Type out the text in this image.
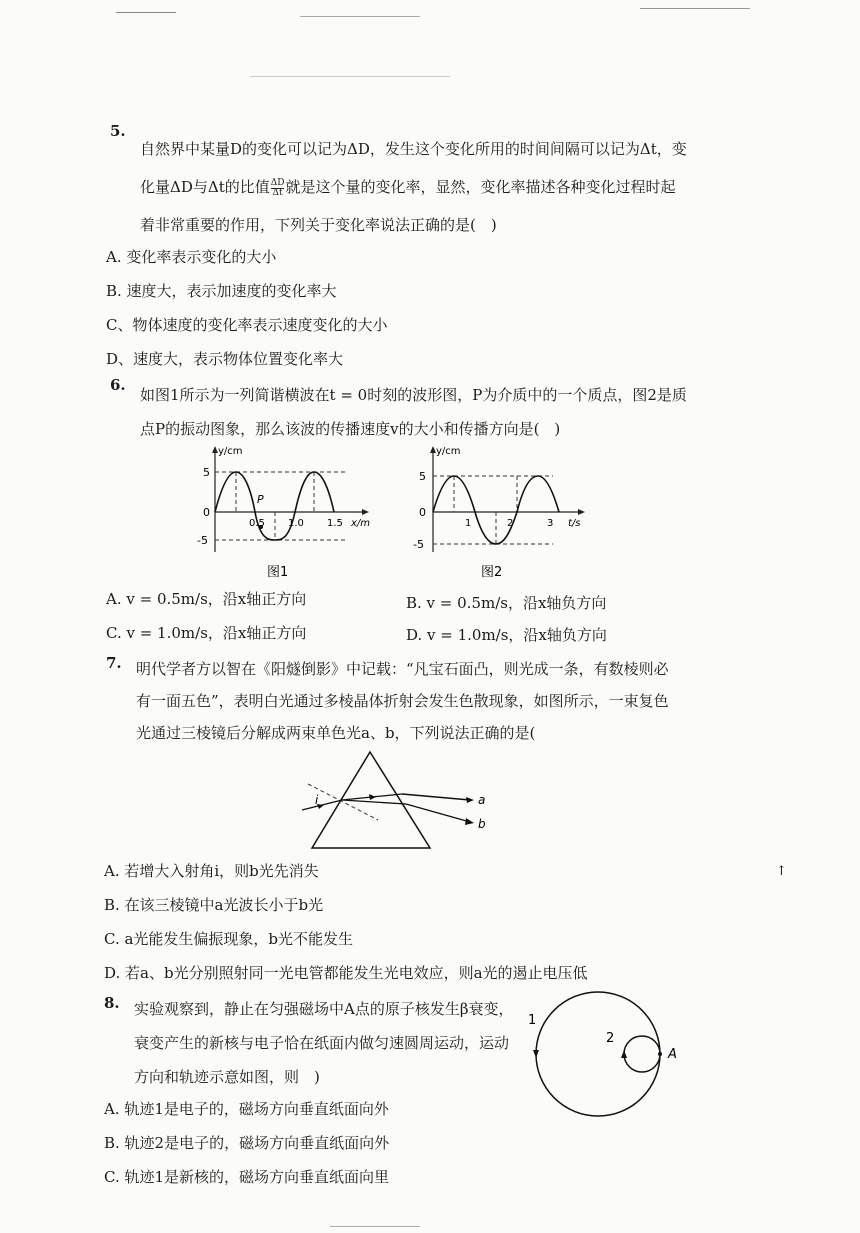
5.
自然界中某量D的变化可以记为ΔD，发生这个变化所用的时间间隔可以记为Δt，变
化量ΔD与Δt的比值 $\frac{\Delta D}{\Delta t}$ 就是这个量的变化率，显然，变化率描述各种变化过程时起
着非常重要的作用，下列关于变化率说法正确的是(　)
A. 变化率表示变化的大小
B. 速度大，表示加速度的变化率大
C、物体速度的变化率表示速度变化的大小
D、速度大，表示物体位置变化率大
6.
如图1所示为一列简谐横波在t = 0时刻的波形图，P为介质中的一个质点，图2是质
点P的振动图象，那么该波的传播速度v的大小和传播方向是(　)
y/cm
5
0
-5
P
0.5 1.0 1.5 x/m
图1
y/cm
5
0
-5
1	2	3 t/s
图2
A. v = 0.5m/s，沿x轴正方向	B. v = 0.5m/s，沿x轴负方向
C. v = 1.0m/s，沿x轴正方向	D. v = 1.0m/s，沿x轴负方向
7. 明代学者方以智在《阳燧倒影》中记载：“凡宝石面凸，则光成一条，有数棱则必
有一面五色”，表明白光通过多棱晶体折射会发生色散现象，如图所示，一束复色
光通过三棱镜后分解成两束单色光a、b，下列说法正确的是(
i	a
b
A. 若增大入射角i，则b光先消失
B. 在该三棱镜中a光波长小于b光
C. a光能发生偏振现象，b光不能发生
D. 若a、b光分别照射同一光电管都能发生光电效应，则a光的遏止电压低
↑
8. 实验观察到，静止在匀强磁场中A点的原子核发生β衰变，
衰变产生的新核与电子恰在纸面内做匀速圆周运动，运动
方向和轨迹示意如图，则　)
1
2
A
A. 轨迹1是电子的，磁场方向垂直纸面向外
B. 轨迹2是电子的，磁场方向垂直纸面向外
C. 轨迹1是新核的，磁场方向垂直纸面向里
